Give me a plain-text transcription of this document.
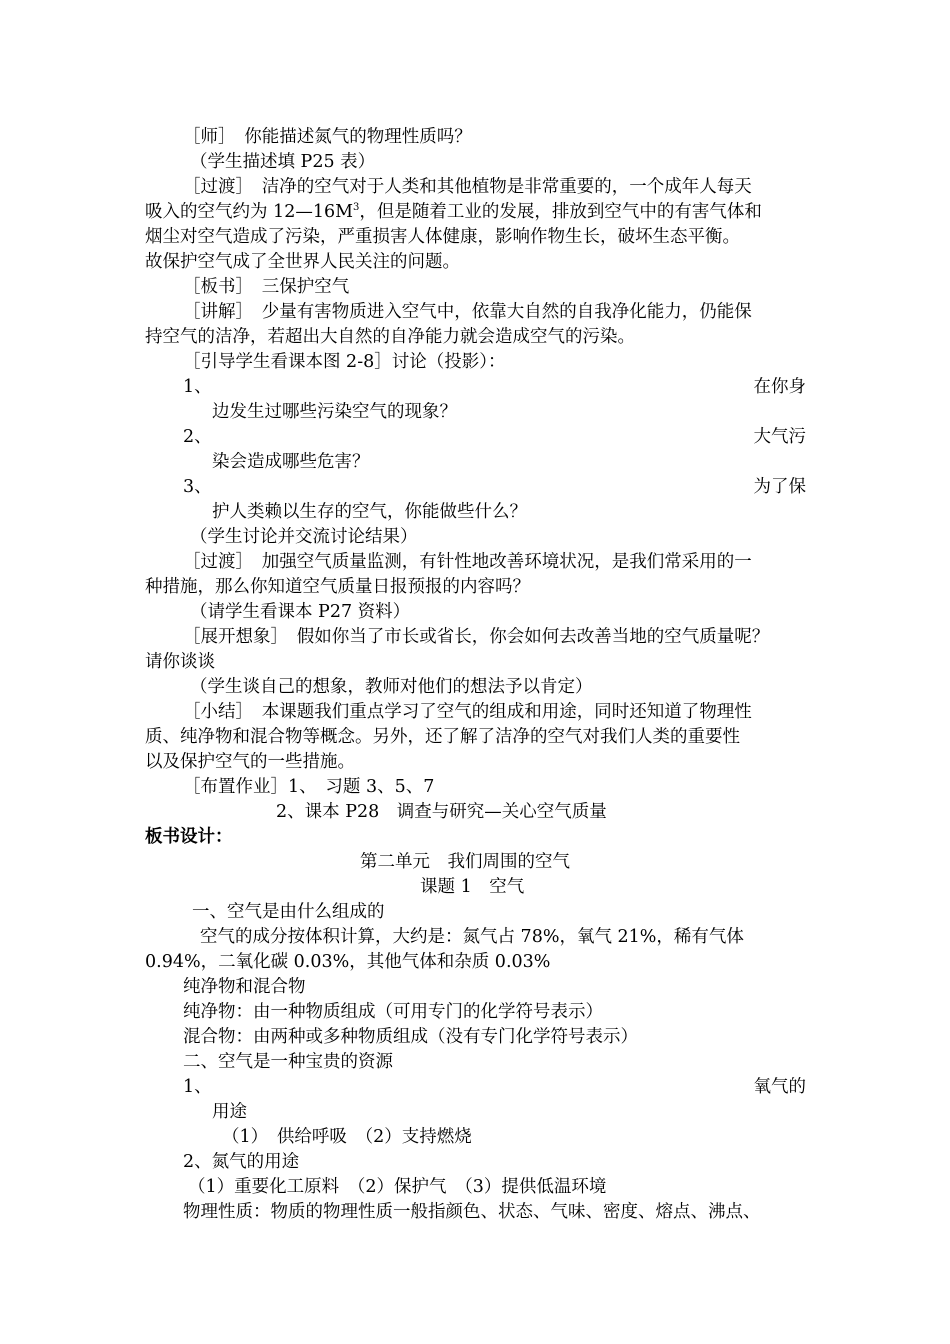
［师］　你能描述氮气的物理性质吗？
（学生描述填 P25 表）
［过渡］　洁净的空气对于人类和其他植物是非常重要的，一个成年人每天
吸入的空气约为 $12—16M^3$，但是随着工业的发展，排放到空气中的有害气体和
烟尘对空气造成了污染，严重损害人体健康，影响作物生长，破坏生态平衡。
故保护空气成了全世界人民关注的问题。
［板书］　三保护空气
［讲解］　少量有害物质进入空气中，依靠大自然的自我净化能力，仍能保
持空气的洁净，若超出大自然的自净能力就会造成空气的污染。
［引导学生看课本图 2-8］讨论（投影）：
1、	在你身
边发生过哪些污染空气的现象？
2、	大气污
染会造成哪些危害？
3、	为了保
护人类赖以生存的空气，你能做些什么？
（学生讨论并交流讨论结果）
［过渡］　加强空气质量监测，有针性地改善环境状况，是我们常采用的一
种措施，那么你知道空气质量日报预报的内容吗？
（请学生看课本 P27 资料）
［展开想象］　假如你当了市长或省长，你会如何去改善当地的空气质量呢？
请你谈谈
（学生谈自己的想象，教师对他们的想法予以肯定）
［小结］　本课题我们重点学习了空气的组成和用途，同时还知道了物理性
质、纯净物和混合物等概念。另外，还了解了洁净的空气对我们人类的重要性
以及保护空气的一些措施。
［布置作业］1、　习题 3、5、7
2、课本 P28　调查与研究—关心空气质量
板书设计：
第二单元　我们周围的空气
课题 1　空气
一、空气是由什么组成的
空气的成分按体积计算，大约是：氮气占 78%，氧气 21%，稀有气体
0.94%，二氧化碳 0.03%，其他气体和杂质 0.03%
纯净物和混合物
纯净物：由一种物质组成（可用专门的化学符号表示）
混合物：由两种或多种物质组成（没有专门化学符号表示）
二、空气是一种宝贵的资源
1、	氧气的
用途
（1）　供给呼吸　（2）支持燃烧
2、氮气的用途
（1）重要化工原料　（2）保护气　（3）提供低温环境
物理性质：物质的物理性质一般指颜色、状态、气味、密度、熔点、沸点、
